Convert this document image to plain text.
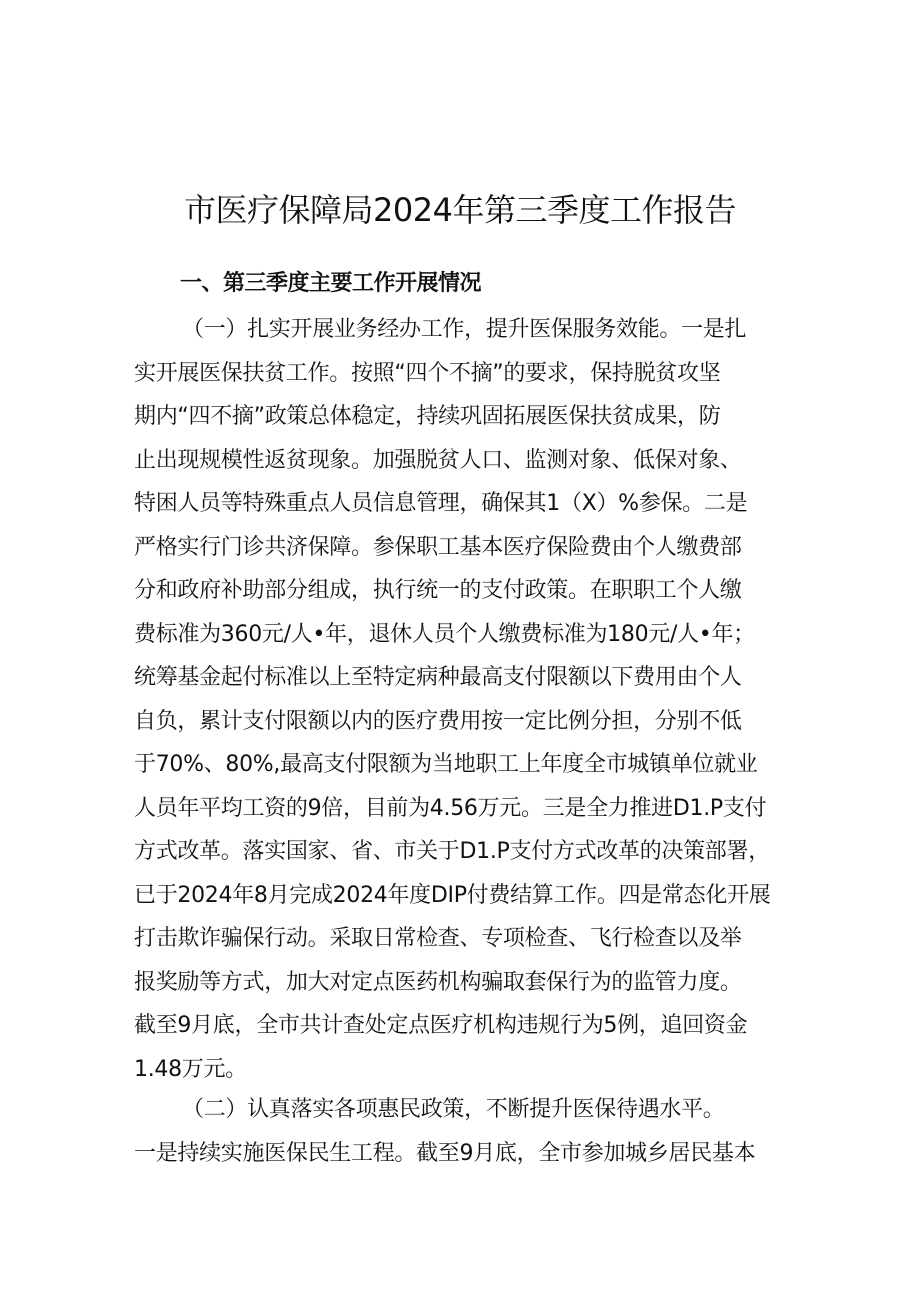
市医疗保障局2024年第三季度工作报告
一、第三季度主要工作开展情况
（一）扎实开展业务经办工作，提升医保服务效能。一是扎
实开展医保扶贫工作。按照“四个不摘”的要求，保持脱贫攻坚
期内“四不摘”政策总体稳定，持续巩固拓展医保扶贫成果，防
止出现规模性返贫现象。加强脱贫人口、监测对象、低保对象、
特困人员等特殊重点人员信息管理，确保其1（X）%参保。二是
严格实行门诊共济保障。参保职工基本医疗保险费由个人缴费部
分和政府补助部分组成，执行统一的支付政策。在职职工个人缴
费标准为360元/人•年，退休人员个人缴费标准为180元/人•年；
统筹基金起付标准以上至特定病种最高支付限额以下费用由个人
自负，累计支付限额以内的医疗费用按一定比例分担，分别不低
于70%、80%,最高支付限额为当地职工上年度全市城镇单位就业
人员年平均工资的9倍，目前为4.56万元。三是全力推进D1.P支付
方式改革。落实国家、省、市关于D1.P支付方式改革的决策部署，
已于2024年8月完成2024年度DIP付费结算工作。四是常态化开展
打击欺诈骗保行动。采取日常检查、专项检查、飞行检查以及举
报奖励等方式，加大对定点医药机构骗取套保行为的监管力度。
截至9月底，全市共计查处定点医疗机构违规行为5例，追回资金
1.48万元。
（二）认真落实各项惠民政策，不断提升医保待遇水平。
一是持续实施医保民生工程。截至9月底，全市参加城乡居民基本
